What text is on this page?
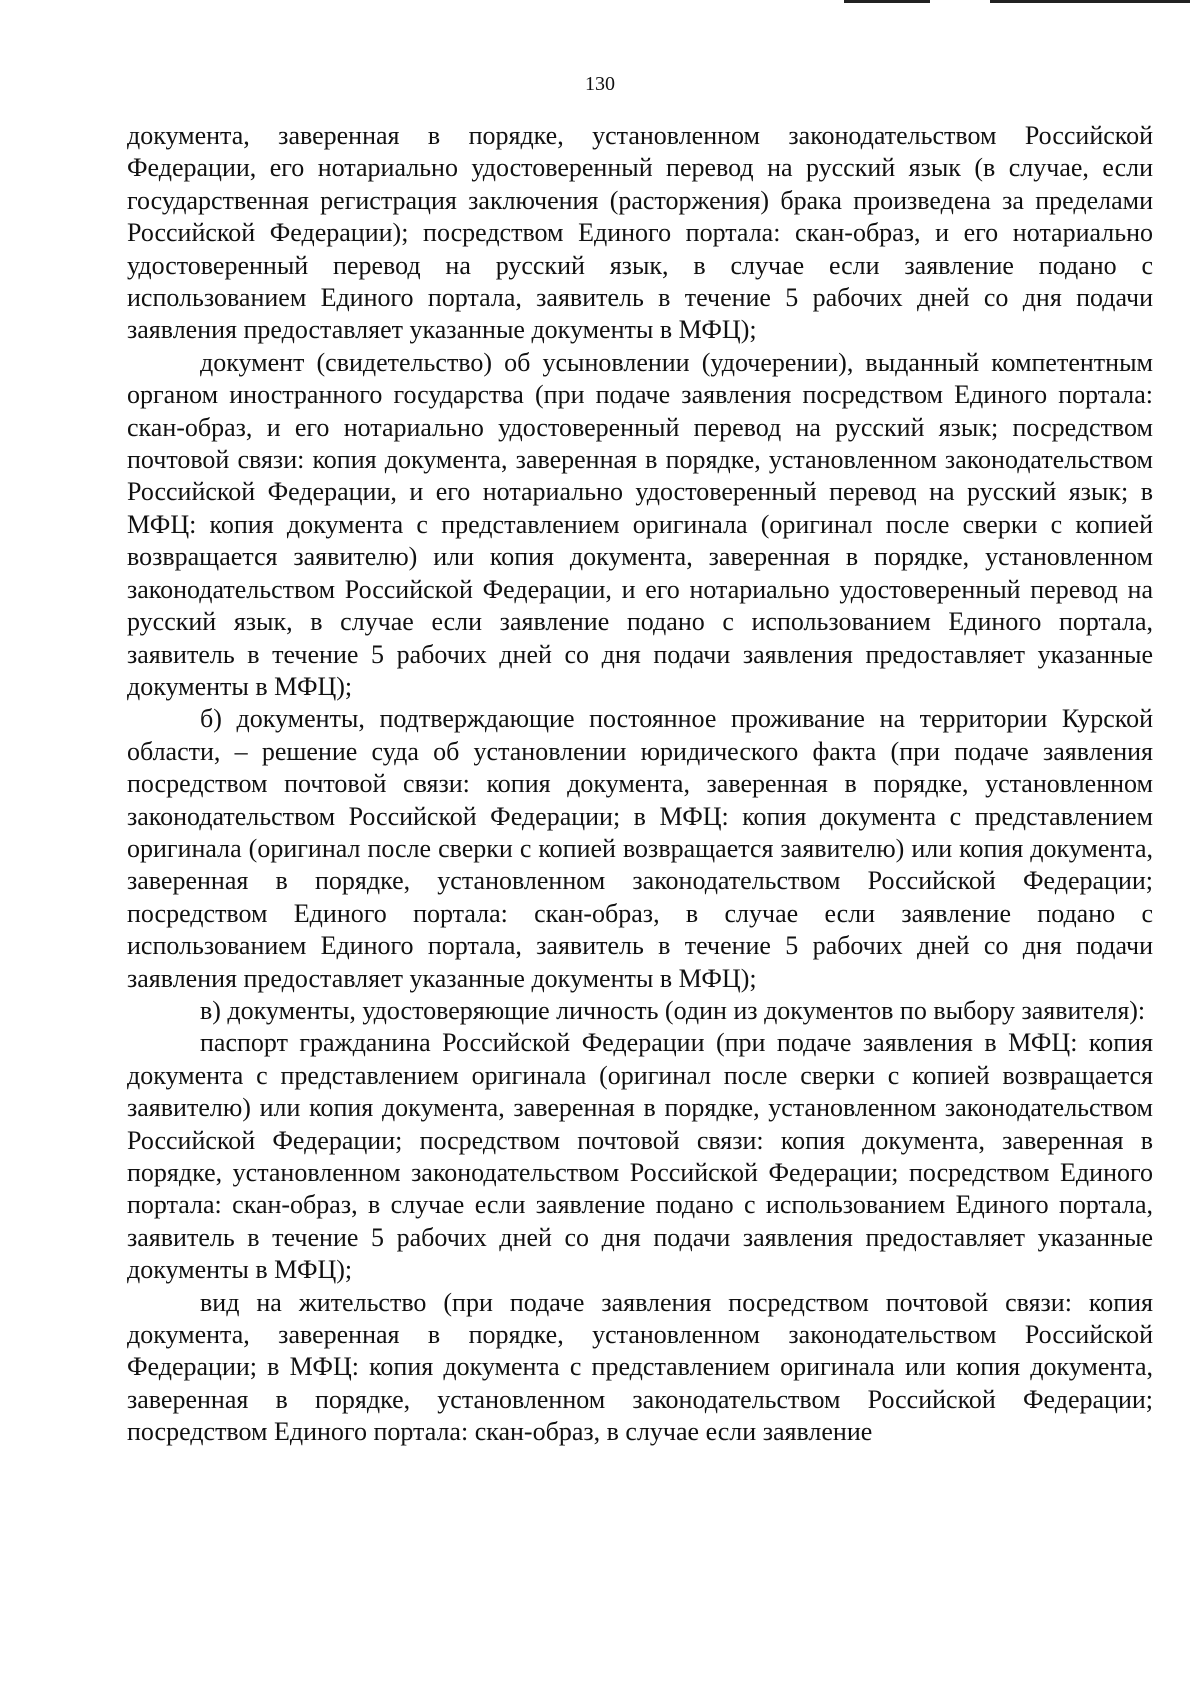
130

документа, заверенная в порядке, установленном законодательством Российской Федерации, его нотариально удостоверенный перевод на русский язык (в случае, если государственная регистрация заключения (расторжения) брака произведена за пределами Российской Федерации); посредством Единого портала: скан-образ, и его нотариально удостоверенный перевод на русский язык, в случае если заявление подано с использованием Единого портала, заявитель в течение 5 рабочих дней со дня подачи заявления предоставляет указанные документы в МФЦ);

документ (свидетельство) об усыновлении (удочерении), выданный компетентным органом иностранного государства (при подаче заявления посредством Единого портала: скан-образ, и его нотариально удостоверенный перевод на русский язык; посредством почтовой связи: копия документа, заверенная в порядке, установленном законодательством Российской Федерации, и его нотариально удостоверенный перевод на русский язык; в МФЦ: копия документа с представлением оригинала (оригинал после сверки с копией возвращается заявителю) или копия документа, заверенная в порядке, установленном законодательством Российской Федерации, и его нотариально удостоверенный перевод на русский язык, в случае если заявление подано с использованием Единого портала, заявитель в течение 5 рабочих дней со дня подачи заявления предоставляет указанные документы в МФЦ);

б) документы, подтверждающие постоянное проживание на территории Курской области, – решение суда об установлении юридического факта (при подаче заявления посредством почтовой связи: копия документа, заверенная в порядке, установленном законодательством Российской Федерации; в МФЦ: копия документа с представлением оригинала (оригинал после сверки с копией возвращается заявителю) или копия документа, заверенная в порядке, установленном законодательством Российской Федерации; посредством Единого портала: скан-образ, в случае если заявление подано с использованием Единого портала, заявитель в течение 5 рабочих дней со дня подачи заявления предоставляет указанные документы в МФЦ);

в) документы, удостоверяющие личность (один из документов по выбору заявителя):

паспорт гражданина Российской Федерации (при подаче заявления в МФЦ: копия документа с представлением оригинала (оригинал после сверки с копией возвращается заявителю) или копия документа, заверенная в порядке, установленном законодательством Российской Федерации; посредством почтовой связи: копия документа, заверенная в порядке, установленном законодательством Российской Федерации; посредством Единого портала: скан-образ, в случае если заявление подано с использованием Единого портала, заявитель в течение 5 рабочих дней со дня подачи заявления предоставляет указанные документы в МФЦ);

вид на жительство (при подаче заявления посредством почтовой связи: копия документа, заверенная в порядке, установленном законодательством Российской Федерации; в МФЦ: копия документа с представлением оригинала или копия документа, заверенная в порядке, установленном законодательством Российской Федерации; посредством Единого портала: скан-образ, в случае если заявление
